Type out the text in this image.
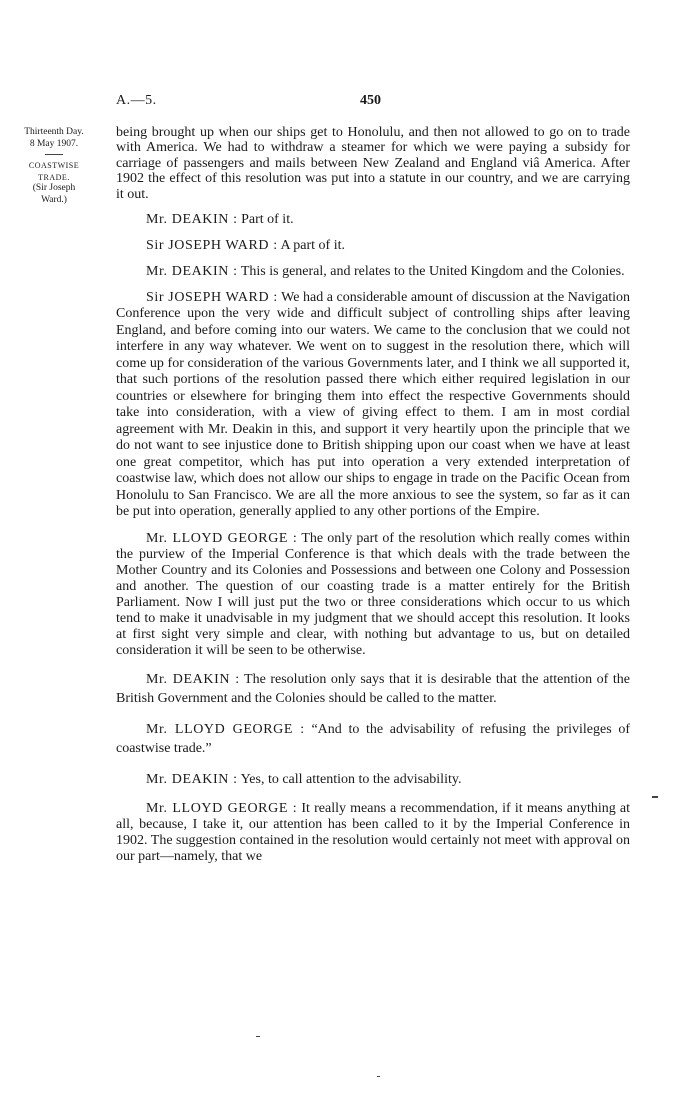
A.—5.	450
Thirteenth Day.
8 May 1907.
COASTWISE
TRADE.
(Sir Joseph
Ward.)

being brought up when our ships get to Honolulu, and then not allowed to go on to trade with America. We had to withdraw a steamer for which we were paying a subsidy for carriage of passengers and mails between New Zealand and England viâ America. After 1902 the effect of this resolution was put into a statute in our country, and we are carrying it out.

Mr. DEAKIN : Part of it.

Sir JOSEPH WARD : A part of it.

Mr. DEAKIN : This is general, and relates to the United Kingdom and the Colonies.

Sir JOSEPH WARD : We had a considerable amount of discussion at the Navigation Conference upon the very wide and difficult subject of controlling ships after leaving England, and before coming into our waters. We came to the conclusion that we could not interfere in any way whatever. We went on to suggest in the resolution there, which will come up for consideration of the various Governments later, and I think we all supported it, that such portions of the resolution passed there which either required legislation in our countries or elsewhere for bringing them into effect the respective Governments should take into consideration, with a view of giving effect to them. I am in most cordial agreement with Mr. Deakin in this, and support it very heartily upon the principle that we do not want to see injustice done to British shipping upon our coast when we have at least one great competitor, which has put into operation a very extended interpretation of coastwise law, which does not allow our ships to engage in trade on the Pacific Ocean from Honolulu to San Francisco. We are all the more anxious to see the system, so far as it can be put into operation, generally applied to any other portions of the Empire.

Mr. LLOYD GEORGE : The only part of the resolution which really comes within the purview of the Imperial Conference is that which deals with the trade between the Mother Country and its Colonies and Possessions and between one Colony and Possession and another. The question of our coasting trade is a matter entirely for the British Parliament. Now I will just put the two or three considerations which occur to us which tend to make it unadvisable in my judgment that we should accept this resolution. It looks at first sight very simple and clear, with nothing but advantage to us, but on detailed consideration it will be seen to be otherwise.

Mr. DEAKIN : The resolution only says that it is desirable that the attention of the British Government and the Colonies should be called to the matter.

Mr. LLOYD GEORGE : “And to the advisability of refusing the privileges of coastwise trade.”

Mr. DEAKIN : Yes, to call attention to the advisability.

Mr. LLOYD GEORGE : It really means a recommendation, if it means anything at all, because, I take it, our attention has been called to it by the Imperial Conference in 1902. The suggestion contained in the resolution would certainly not meet with approval on our part—namely, that we
